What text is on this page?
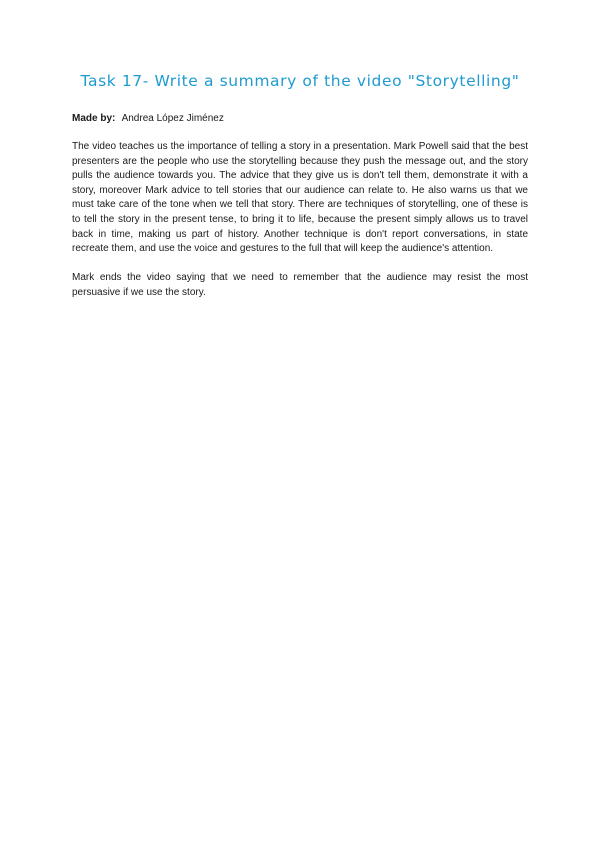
Task 17- Write a summary of the video "Storytelling"
Made by: Andrea López Jiménez

The video teaches us the importance of telling a story in a presentation. Mark Powell said that the best presenters are the people who use the storytelling because they push the message out, and the story pulls the audience towards you. The advice that they give us is don't tell them, demonstrate it with a story, moreover Mark advice to tell stories that our audience can relate to. He also warns us that we must take care of the tone when we tell that story. There are techniques of storytelling, one of these is to tell the story in the present tense, to bring it to life, because the present simply allows us to travel back in time, making us part of history. Another technique is don't report conversations, in state recreate them, and use the voice and gestures to the full that will keep the audience's attention.

Mark ends the video saying that we need to remember that the audience may resist the most persuasive if we use the story.
